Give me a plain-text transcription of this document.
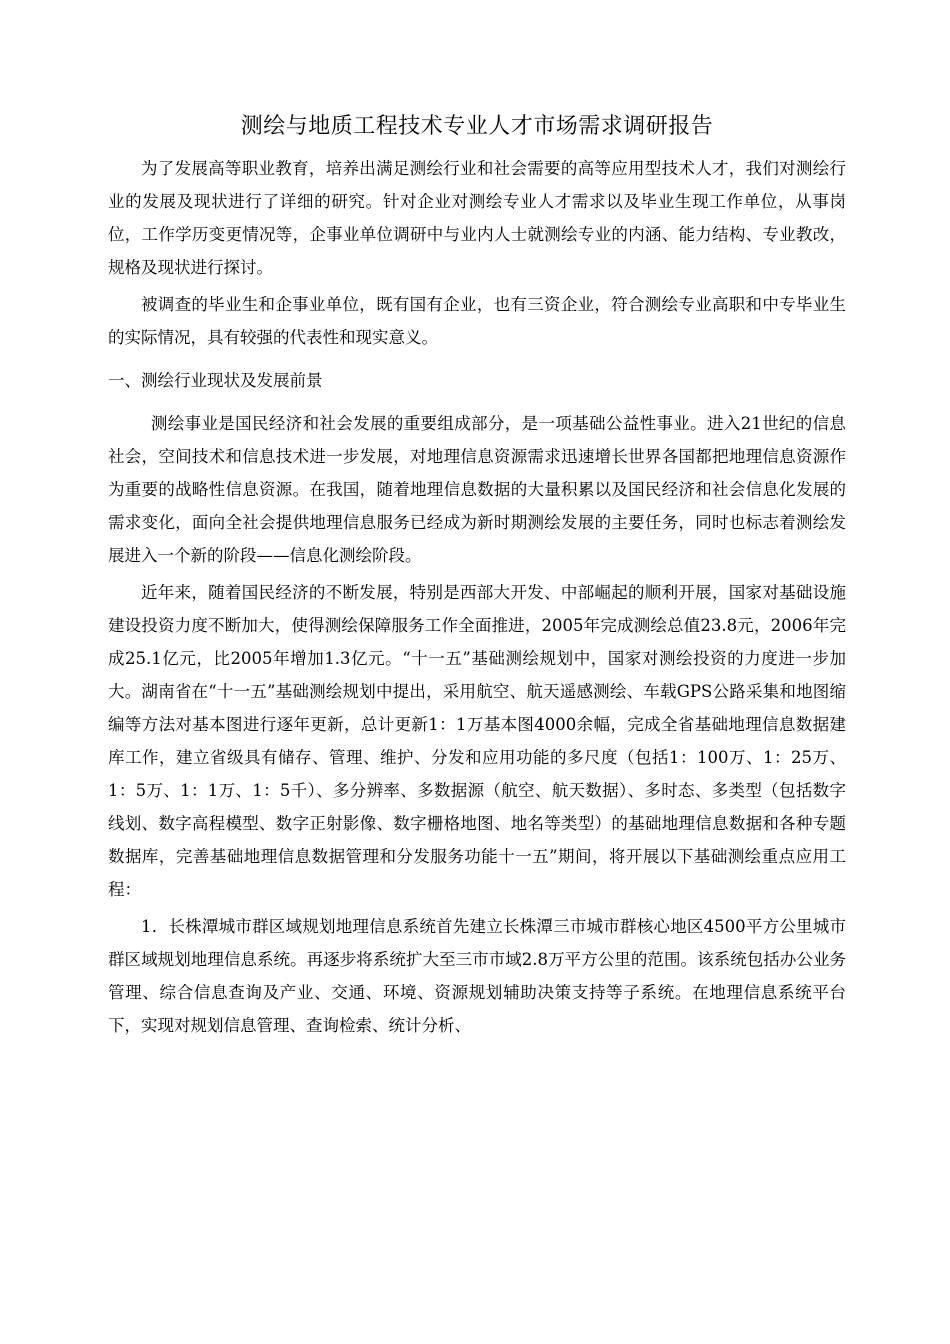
测绘与地质工程技术专业人才市场需求调研报告

为了发展高等职业教育，培养出满足测绘行业和社会需要的高等应用型技术人才，我们对测绘行业的发展及现状进行了详细的研究。针对企业对测绘专业人才需求以及毕业生现工作单位，从事岗位，工作学历变更情况等，企事业单位调研中与业内人士就测绘专业的内涵、能力结构、专业教改，规格及现状进行探讨。

被调查的毕业生和企事业单位，既有国有企业，也有三资企业，符合测绘专业高职和中专毕业生的实际情况，具有较强的代表性和现实意义。

一、测绘行业现状及发展前景

测绘事业是国民经济和社会发展的重要组成部分，是一项基础公益性事业。进入21世纪的信息社会，空间技术和信息技术进一步发展，对地理信息资源需求迅速增长世界各国都把地理信息资源作为重要的战略性信息资源。在我国，随着地理信息数据的大量积累以及国民经济和社会信息化发展的需求变化，面向全社会提供地理信息服务已经成为新时期测绘发展的主要任务，同时也标志着测绘发展进入一个新的阶段——信息化测绘阶段。

近年来，随着国民经济的不断发展，特别是西部大开发、中部崛起的顺利开展，国家对基础设施建设投资力度不断加大，使得测绘保障服务工作全面推进，2005年完成测绘总值23.8元，2006年完成25.1亿元，比2005年增加1.3亿元。“十一五”基础测绘规划中，国家对测绘投资的力度进一步加大。湖南省在“十一五”基础测绘规划中提出，采用航空、航天遥感测绘、车载GPS公路采集和地图缩编等方法对基本图进行逐年更新，总计更新1：1万基本图4000余幅，完成全省基础地理信息数据建库工作，建立省级具有储存、管理、维护、分发和应用功能的多尺度（包括1：100万、1：25万、1：5万、1：1万、1：5千）、多分辨率、多数据源（航空、航天数据）、多时态、多类型（包括数字线划、数字高程模型、数字正射影像、数字栅格地图、地名等类型）的基础地理信息数据和各种专题数据库，完善基础地理信息数据管理和分发服务功能十一五”期间，将开展以下基础测绘重点应用工程：

1．长株潭城市群区域规划地理信息系统首先建立长株潭三市城市群核心地区4500平方公里城市群区域规划地理信息系统。再逐步将系统扩大至三市市域2.8万平方公里的范围。该系统包括办公业务管理、综合信息查询及产业、交通、环境、资源规划辅助决策支持等子系统。在地理信息系统平台下，实现对规划信息管理、查询检索、统计分析、
